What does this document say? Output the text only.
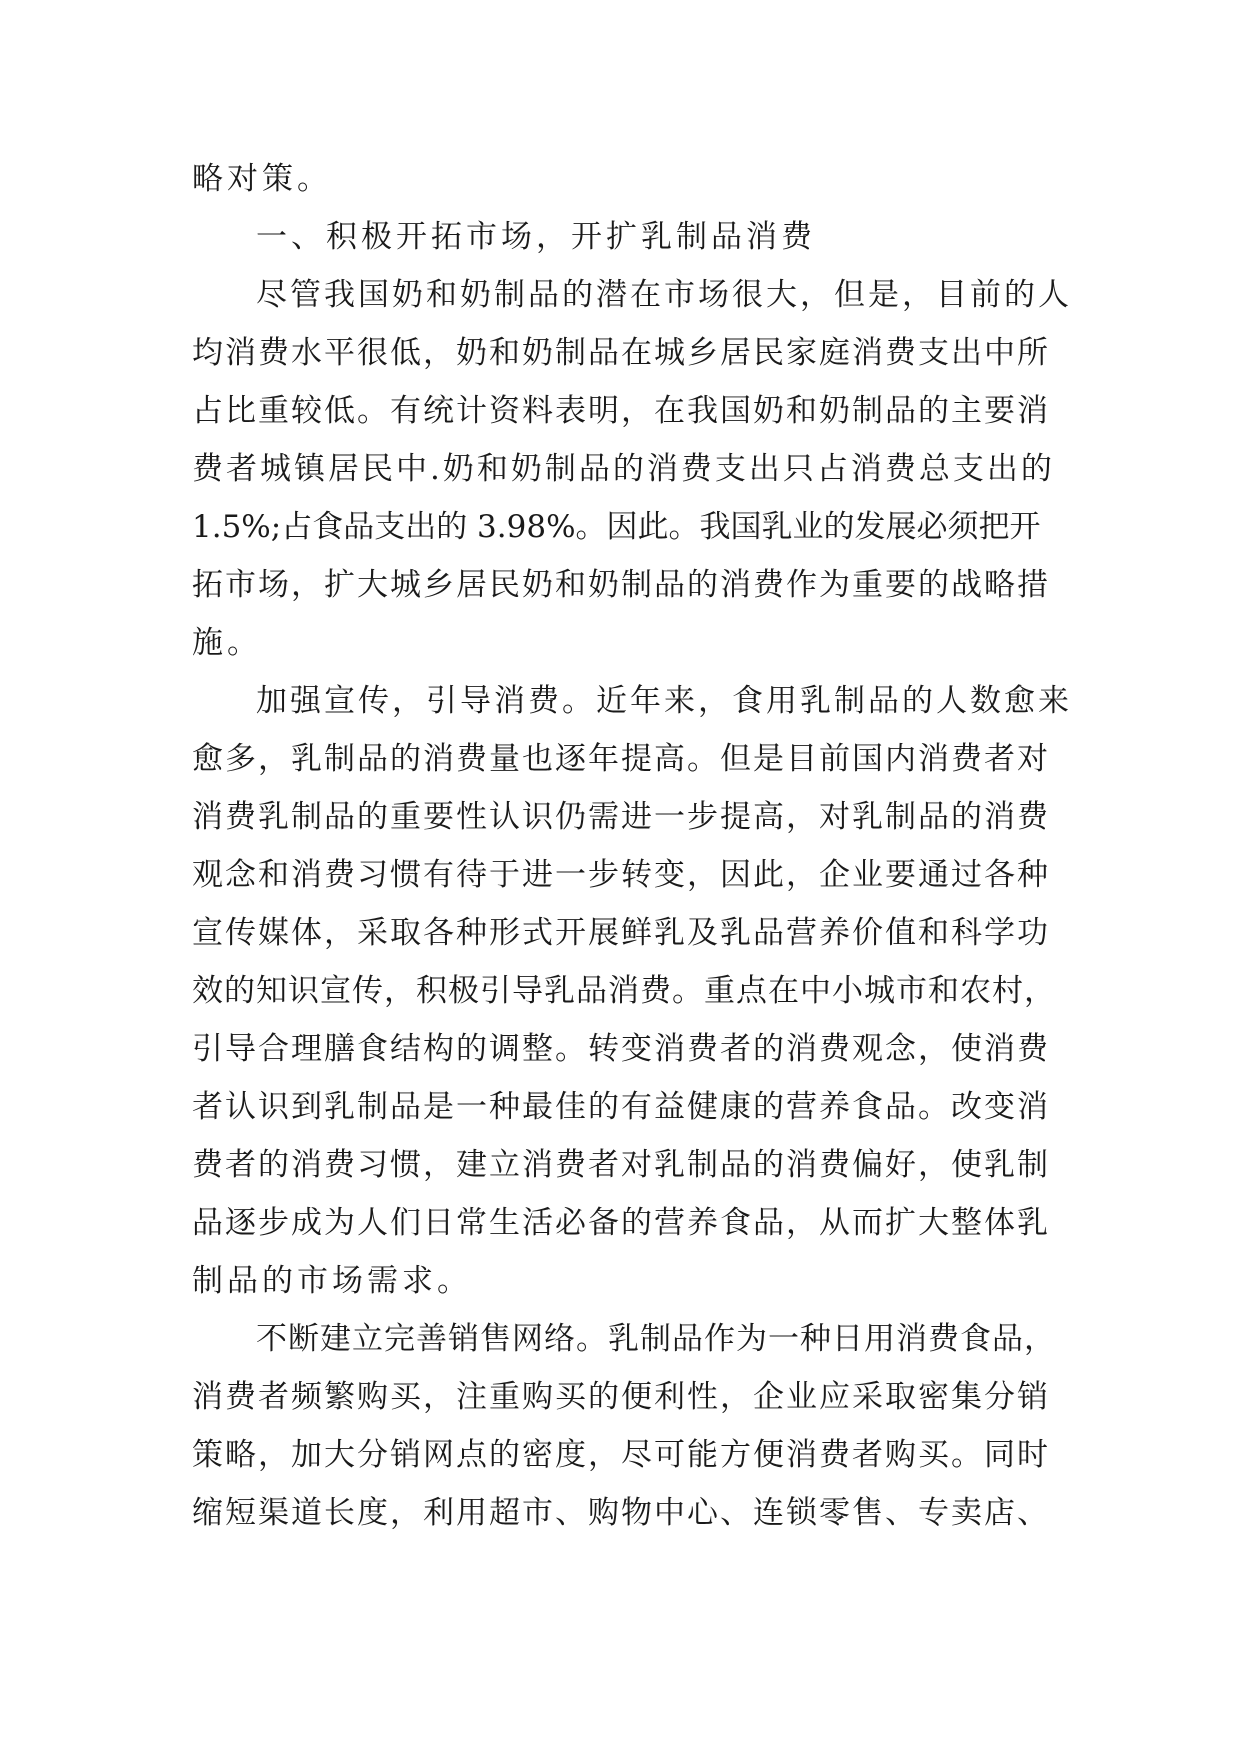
略对策。
一、积极开拓市场，开扩乳制品消费
尽管我国奶和奶制品的潜在市场很大，但是，目前的人
均消费水平很低，奶和奶制品在城乡居民家庭消费支出中所
占比重较低。有统计资料表明，在我国奶和奶制品的主要消
费者城镇居民中.奶和奶制品的消费支出只占消费总支出的
1.5%;占食品支出的 3.98%。因此。我国乳业的发展必须把开
拓市场，扩大城乡居民奶和奶制品的消费作为重要的战略措
施。
加强宣传，引导消费。近年来，食用乳制品的人数愈来
愈多，乳制品的消费量也逐年提高。但是目前国内消费者对
消费乳制品的重要性认识仍需进一步提高，对乳制品的消费
观念和消费习惯有待于进一步转变，因此，企业要通过各种
宣传媒体，采取各种形式开展鲜乳及乳品营养价值和科学功
效的知识宣传，积极引导乳品消费。重点在中小城市和农村，
引导合理膳食结构的调整。转变消费者的消费观念，使消费
者认识到乳制品是一种最佳的有益健康的营养食品。改变消
费者的消费习惯，建立消费者对乳制品的消费偏好，使乳制
品逐步成为人们日常生活必备的营养食品，从而扩大整体乳
制品的市场需求。
不断建立完善销售网络。乳制品作为一种日用消费食品，
消费者频繁购买，注重购买的便利性，企业应采取密集分销
策略，加大分销网点的密度，尽可能方便消费者购买。同时
缩短渠道长度，利用超市、购物中心、连锁零售、专卖店、
